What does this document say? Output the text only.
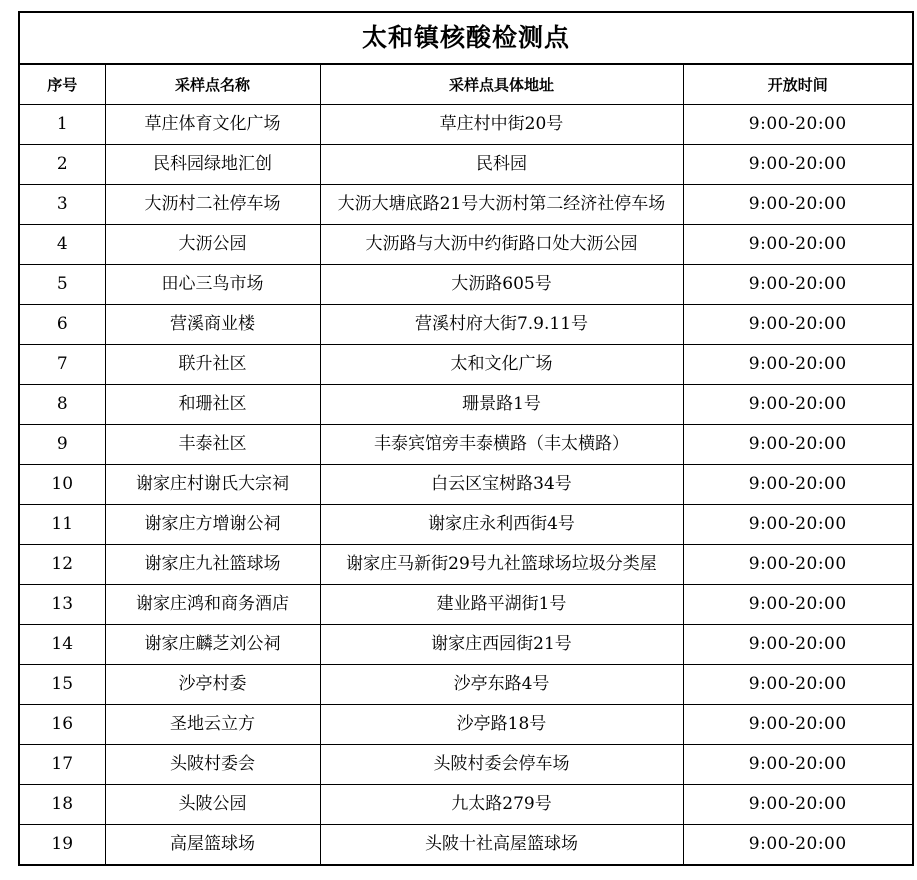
太和镇核酸检测点
序号	采样点名称	采样点具体地址	开放时间
1	草庄体育文化广场	草庄村中街20号	9:00-20:00
2	民科园绿地汇创	民科园	9:00-20:00
3	大沥村二社停车场	大沥大塘底路21号大沥村第二经济社停车场	9:00-20:00
4	大沥公园	大沥路与大沥中约街路口处大沥公园	9:00-20:00
5	田心三鸟市场	大沥路605号	9:00-20:00
6	营溪商业楼	营溪村府大街7.9.11号	9:00-20:00
7	联升社区	太和文化广场	9:00-20:00
8	和珊社区	珊景路1号	9:00-20:00
9	丰泰社区	丰泰宾馆旁丰泰横路（丰太横路）	9:00-20:00
10	谢家庄村谢氏大宗祠	白云区宝树路34号	9:00-20:00
11	谢家庄方增谢公祠	谢家庄永利西街4号	9:00-20:00
12	谢家庄九社篮球场	谢家庄马新街29号九社篮球场垃圾分类屋	9:00-20:00
13	谢家庄鸿和商务酒店	建业路平湖街1号	9:00-20:00
14	谢家庄麟芝刘公祠	谢家庄西园街21号	9:00-20:00
15	沙亭村委	沙亭东路4号	9:00-20:00
16	圣地云立方	沙亭路18号	9:00-20:00
17	头陂村委会	头陂村委会停车场	9:00-20:00
18	头陂公园	九太路279号	9:00-20:00
19	高屋篮球场	头陂十社高屋篮球场	9:00-20:00
